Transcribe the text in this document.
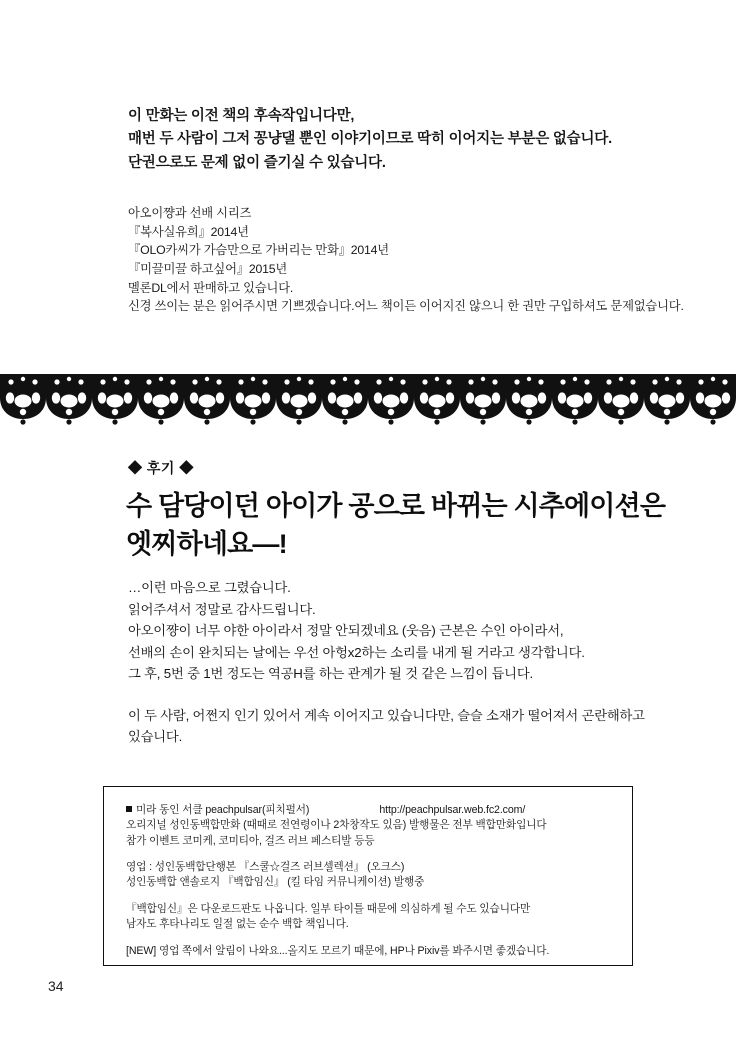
이 만화는 이전 책의 후속작입니다만,

매번 두 사람이 그저 꽁냥댈 뿐인 이야기이므로 딱히 이어지는 부분은 없습니다.

단권으로도 문제 없이 즐기실 수 있습니다.

아오이쨩과 선배 시리즈

『복사실유희』2014년

『OLO카씨가 가슴만으로 가버리는 만화』2014년

『미끌미끌 하고싶어』2015년

멜론DL에서 판매하고 있습니다.

신경 쓰이는 분은 읽어주시면 기쁘겠습니다.어느 책이든 이어지진 않으니 한 권만 구입하셔도 문제없습니다.

◆ 후기 ◆
수 담당이던 아이가 공으로 바뀌는 시추에이션은
엣찌하네요—!

…이런 마음으로 그렸습니다.

읽어주셔서 정말로 감사드립니다.

아오이쨩이 너무 야한 아이라서 정말 안되겠네요 (웃음) 근본은 수인 아이라서,

선배의 손이 완치되는 날에는 우선 아헝x2하는 소리를 내게 될 거라고 생각합니다.

그 후, 5번 중 1번 정도는 역공H를 하는 관계가 될 것 같은 느낌이 듭니다.

이 두 사람, 어쩐지 인기 있어서 계속 이어지고 있습니다만, 슬슬 소재가 떨어져서 곤란해하고

있습니다.

미라 동인 서클 peachpulsar(피치펄서)	http://peachpulsar.web.fc2.com/

오리지널 성인동백합만화 (때때로 전연령이나 2차창작도 있음) 발행물은 전부 백합만화입니다

참가 이벤트 코미케, 코미티아, 걸즈 러브 페스티발 등등

영업 : 성인동백합단행본 『스쿨☆걸즈 러브셀렉션』 (오크스)

성인동백합 앤솔로지 『백합임신』 (킬 타임 커뮤니케이션) 발행중

『백합임신』은 다운로드판도 나옵니다. 일부 타이틀 때문에 의심하게 될 수도 있습니다만

남자도 후타나리도 일절 없는 순수 백합 책입니다.

[NEW] 영업 쪽에서 알림이 나와요...올지도 모르기 때문에, HP나 Pixiv를 봐주시면 좋겠습니다.

34
